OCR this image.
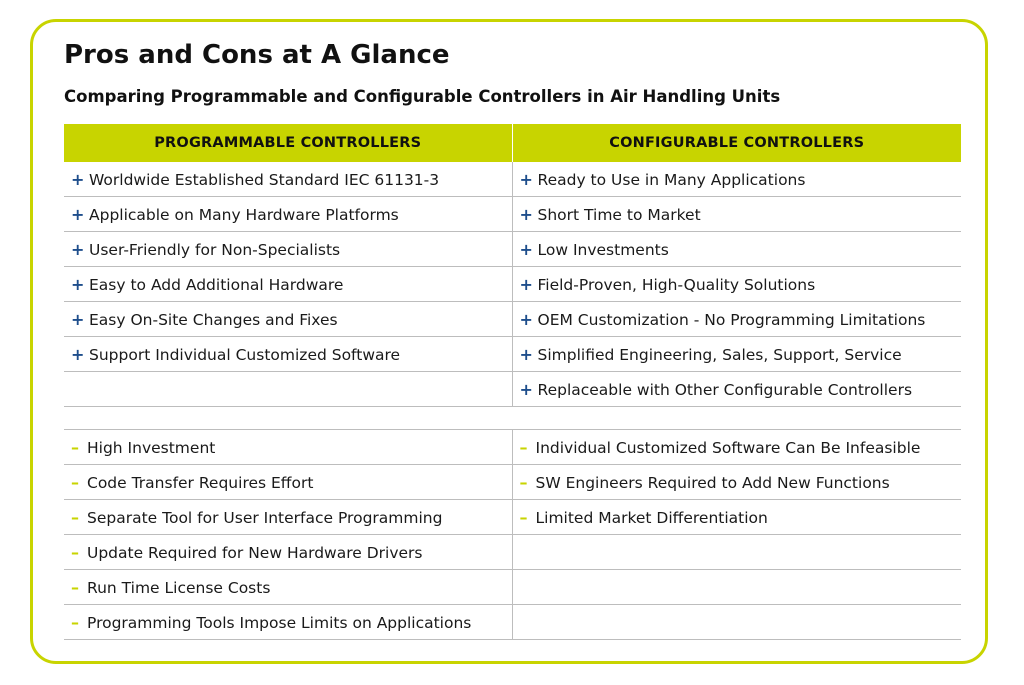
Pros and Cons at A Glance
Comparing Programmable and Configurable Controllers in Air Handling Units
PROGRAMMABLE CONTROLLERS	CONFIGURABLE CONTROLLERS
+ Worldwide Established Standard IEC 61131-3	+ Ready to Use in Many Applications
+ Applicable on Many Hardware Platforms	+ Short Time to Market
+ User-Friendly for Non-Specialists	+ Low Investments
+ Easy to Add Additional Hardware	+ Field-Proven, High-Quality Solutions
+ Easy On-Site Changes and Fixes	+ OEM Customization - No Programming Limitations
+ Support Individual Customized Software	+ Simplified Engineering, Sales, Support, Service
	+ Replaceable with Other Configurable Controllers

– High Investment	– Individual Customized Software Can Be Infeasible
– Code Transfer Requires Effort	– SW Engineers Required to Add New Functions
– Separate Tool for User Interface Programming	– Limited Market Differentiation
– Update Required for New Hardware Drivers	
– Run Time License Costs	
– Programming Tools Impose Limits on Applications	
